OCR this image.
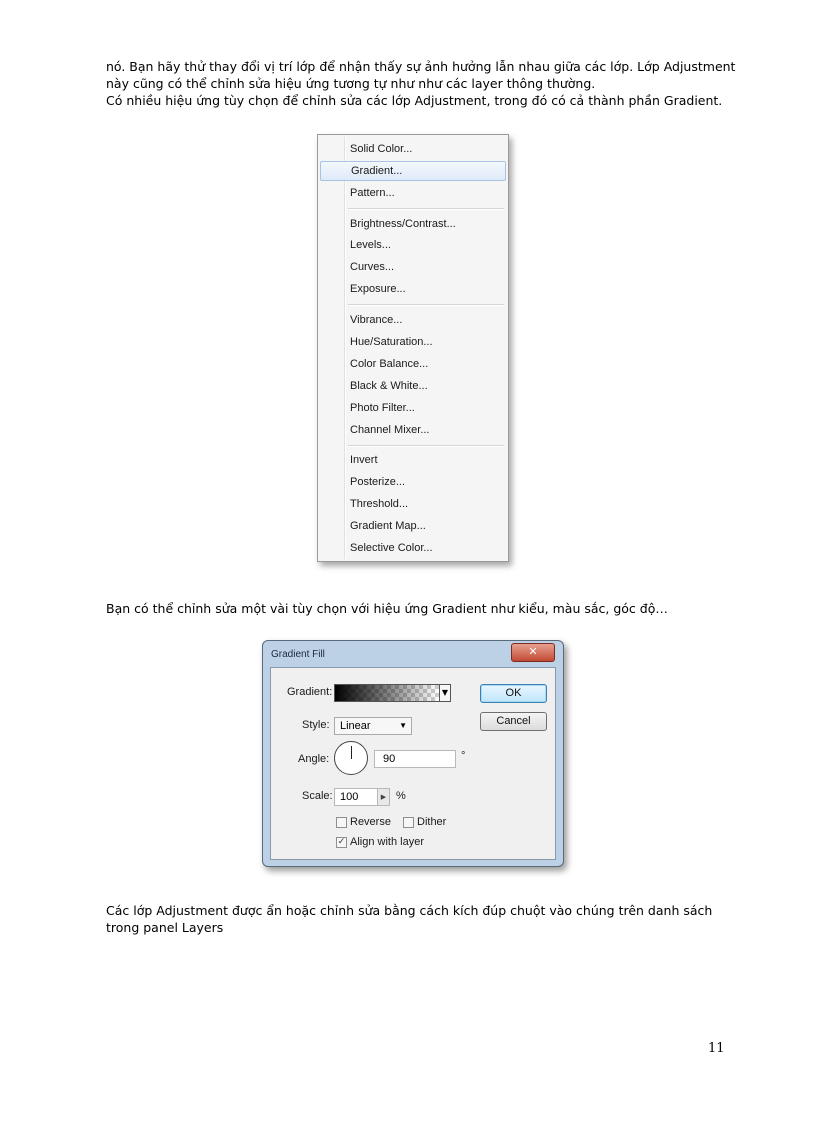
nó. Bạn hãy thử thay đổi vị trí lớp để nhận thấy sự ảnh hưởng lẫn nhau giữa các lớp. Lớp Adjustment

này cũng có thể chỉnh sửa hiệu ứng tương tự như như các layer thông thường.

Có nhiều hiệu ứng tùy chọn để chỉnh sửa các lớp Adjustment, trong đó có cả thành phần Gradient.

Solid Color...
Gradient...
Pattern...
Brightness/Contrast...
Levels...
Curves...
Exposure...
Vibrance...
Hue/Saturation...
Color Balance...
Black & White...
Photo Filter...
Channel Mixer...
Invert
Posterize...
Threshold...
Gradient Map...
Selective Color...

Bạn có thể chỉnh sửa một vài tùy chọn với hiệu ứng Gradient như kiểu, màu sắc, góc độ…

Gradient Fill	✕
Gradient:	▼	OK
Cancel
Style: Linear	▼
Angle:	90	°
Scale: 100	▶ %
Reverse Dither
✓ Align with layer

Các lớp Adjustment được ẩn hoặc chỉnh sửa bằng cách kích đúp chuột vào chúng trên danh sách

trong panel Layers

11
